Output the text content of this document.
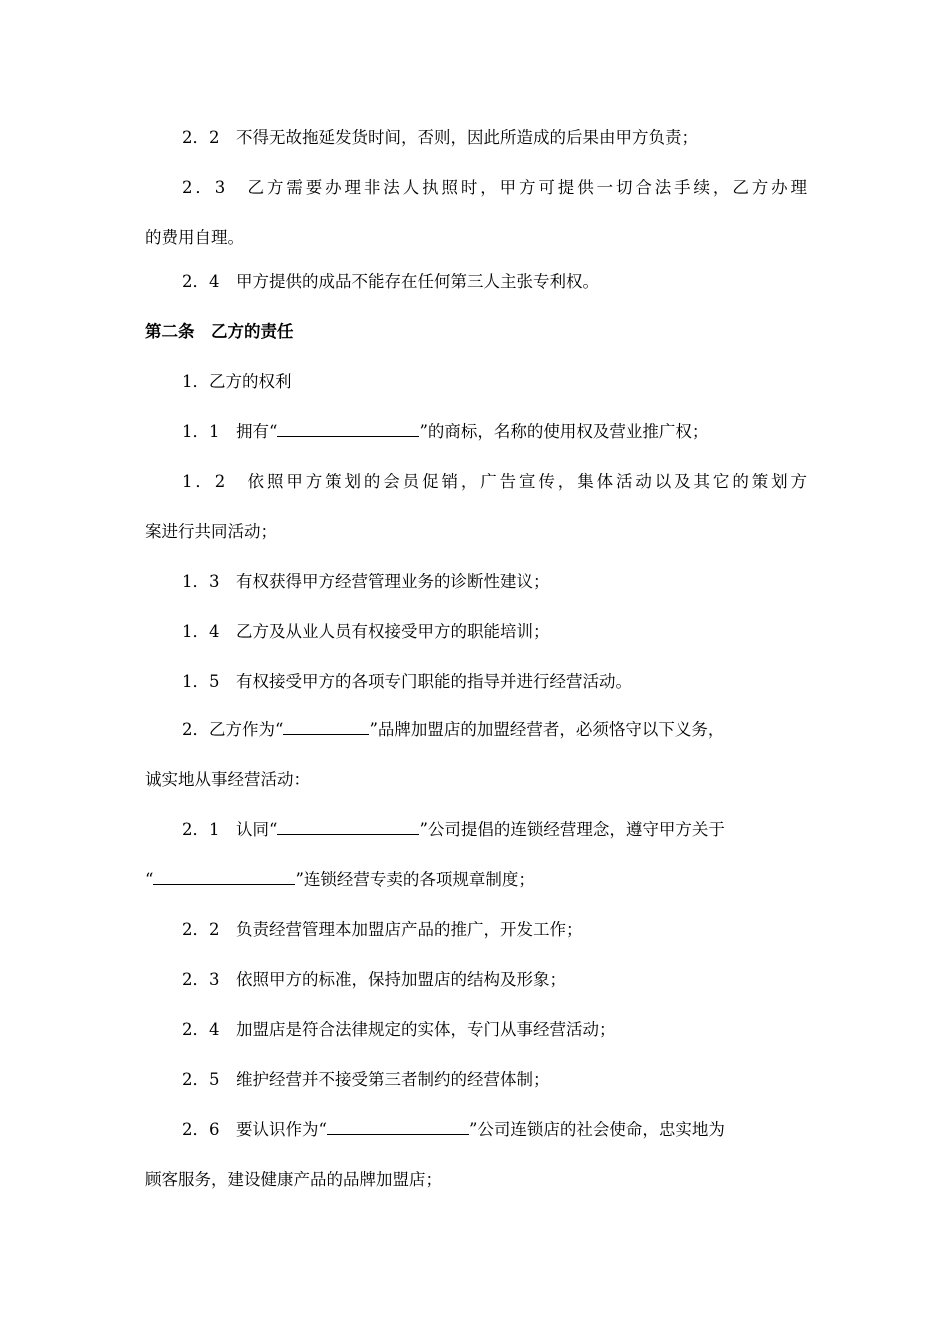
2．2　不得无故拖延发货时间，否则，因此所造成的后果由甲方负责；
2．3　乙方需要办理非法人执照时，甲方可提供一切合法手续，乙方办理
的费用自理。
2．4　甲方提供的成品不能存在任何第三人主张专利权。
第二条　乙方的责任
1．乙方的权利
1．1　拥有“	”的商标，名称的使用权及营业推广权；
1．2　依照甲方策划的会员促销，广告宣传，集体活动以及其它的策划方
案进行共同活动；
1．3　有权获得甲方经营管理业务的诊断性建议；
1．4　乙方及从业人员有权接受甲方的职能培训；
1．5　有权接受甲方的各项专门职能的指导并进行经营活动。
2．乙方作为“	”品牌加盟店的加盟经营者，必须恪守以下义务，
诚实地从事经营活动：
2．1　认同“	”公司提倡的连锁经营理念，遵守甲方关于
“	”连锁经营专卖的各项规章制度；
2．2　负责经营管理本加盟店产品的推广，开发工作；
2．3　依照甲方的标准，保持加盟店的结构及形象；
2．4　加盟店是符合法律规定的实体，专门从事经营活动；
2．5　维护经营并不接受第三者制约的经营体制；
2．6　要认识作为“	”公司连锁店的社会使命，忠实地为
顾客服务，建设健康产品的品牌加盟店；
